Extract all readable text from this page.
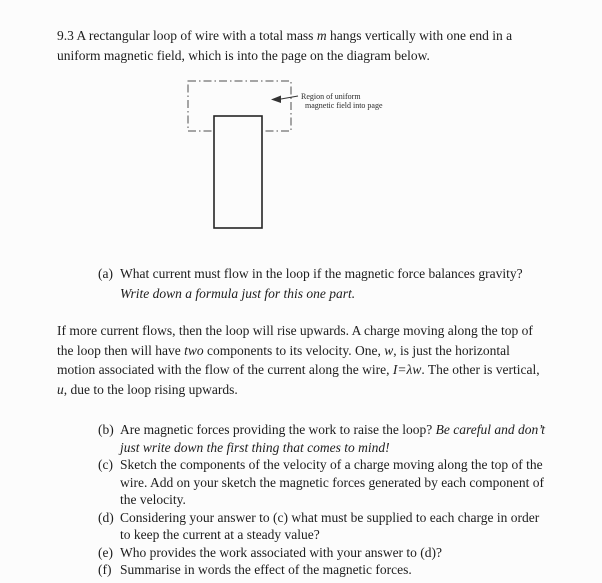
9.3 A rectangular loop of wire with a total mass m hangs vertically with one end in a uniform magnetic field, which is into the page on the diagram below.

Region of uniform
magnetic field into page
(a) What current must flow in the loop if the magnetic force balances gravity? Write down a formula just for this one part.

If more current flows, then the loop will rise upwards. A charge moving along the top of the loop then will have two components to its velocity. One, w, is just the horizontal motion associated with the flow of the current along the wire, I=λw. The other is vertical, u, due to the loop rising upwards.

(b) Are magnetic forces providing the work to raise the loop? Be careful and don’t just write down the first thing that comes to mind!
(c) Sketch the components of the velocity of a charge moving along the top of the wire. Add on your sketch the magnetic forces generated by each component of the velocity.
(d) Considering your answer to (c) what must be supplied to each charge in order to keep the current at a steady value?
(e) Who provides the work associated with your answer to (d)?
(f) Summarise in words the effect of the magnetic forces.
